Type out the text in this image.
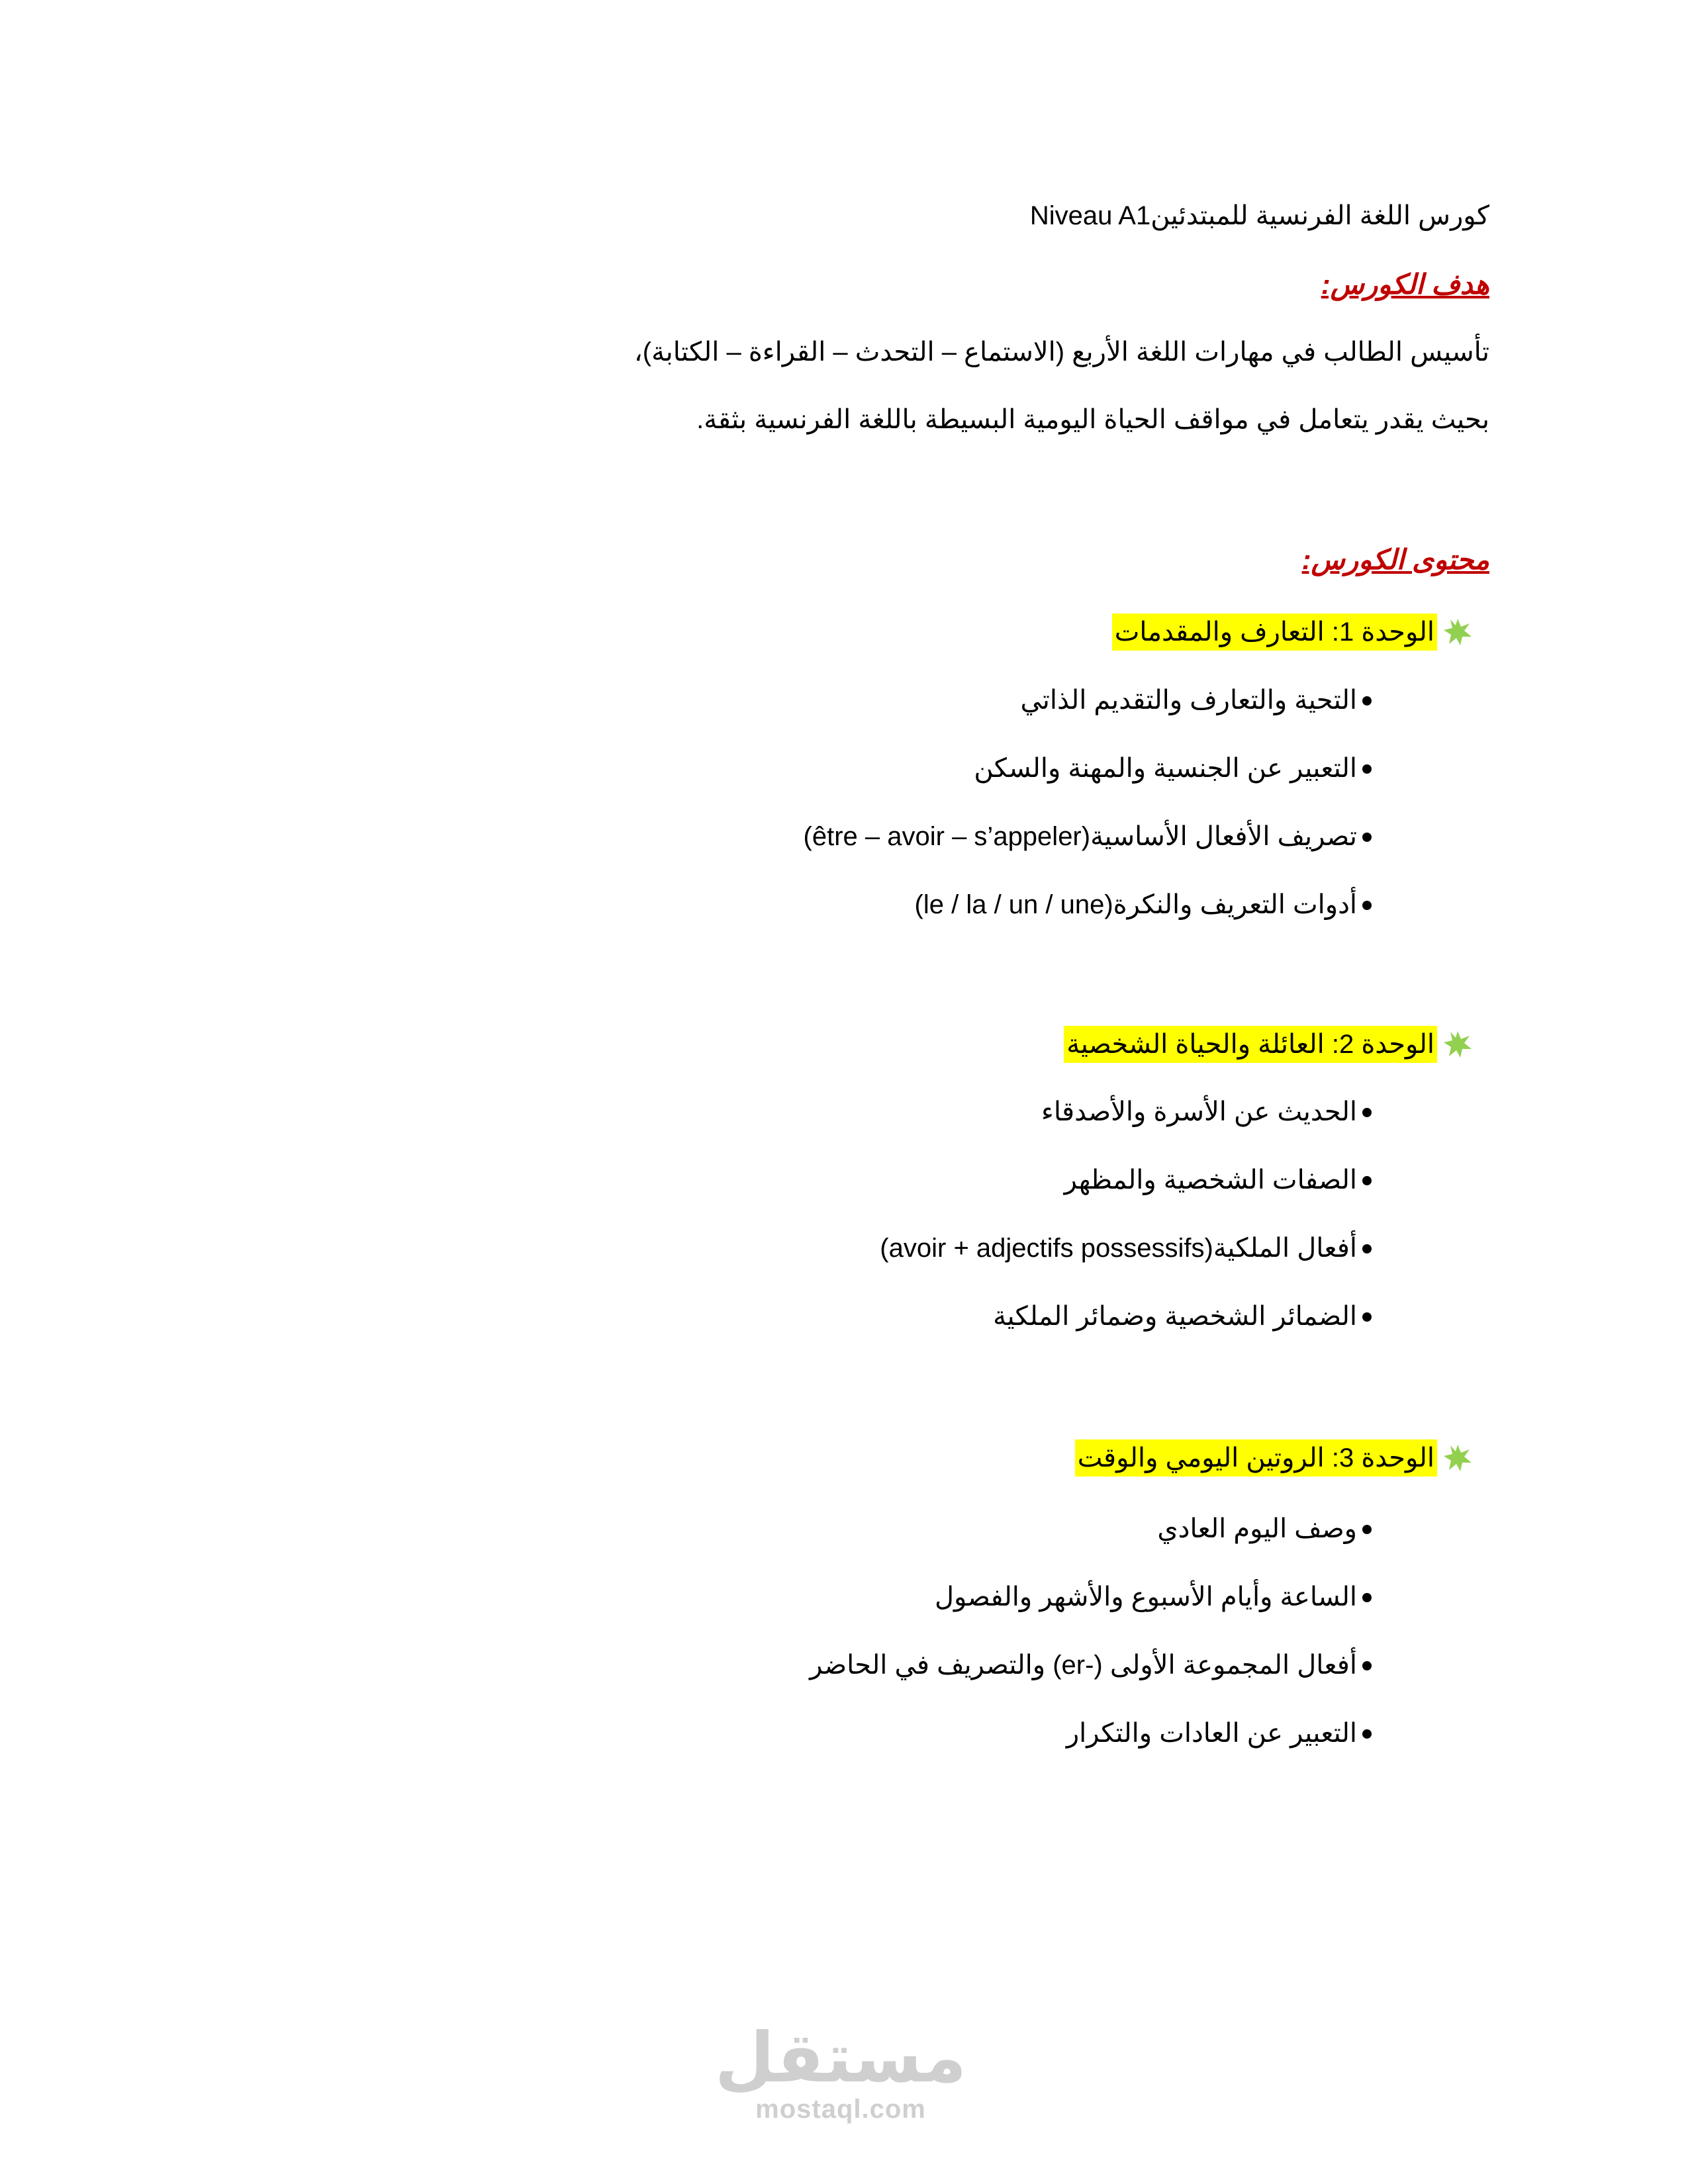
كورس اللغة الفرنسية للمبتدئينNiveau A1
هدف الكورس:
تأسيس الطالب في مهارات اللغة الأربع (الاستماع – التحدث – القراءة – الكتابة)،
بحيث يقدر يتعامل في مواقف الحياة اليومية البسيطة باللغة الفرنسية بثقة.
محتوى الكورس:
الوحدة 1: التعارف والمقدمات
التحية والتعارف والتقديم الذاتي
التعبير عن الجنسية والمهنة والسكن
تصريف الأفعال الأساسية(être – avoir – s’appeler)
أدوات التعريف والنكرة(le / la / un / une)
الوحدة 2: العائلة والحياة الشخصية
الحديث عن الأسرة والأصدقاء
الصفات الشخصية والمظهر
أفعال الملكية(avoir + adjectifs possessifs)
الضمائر الشخصية وضمائر الملكية
الوحدة 3: الروتين اليومي والوقت
وصف اليوم العادي
الساعة وأيام الأسبوع والأشهر والفصول
أفعال المجموعة الأولى (-er) والتصريف في الحاضر
التعبير عن العادات والتكرار
مستقل
mostaql.com
